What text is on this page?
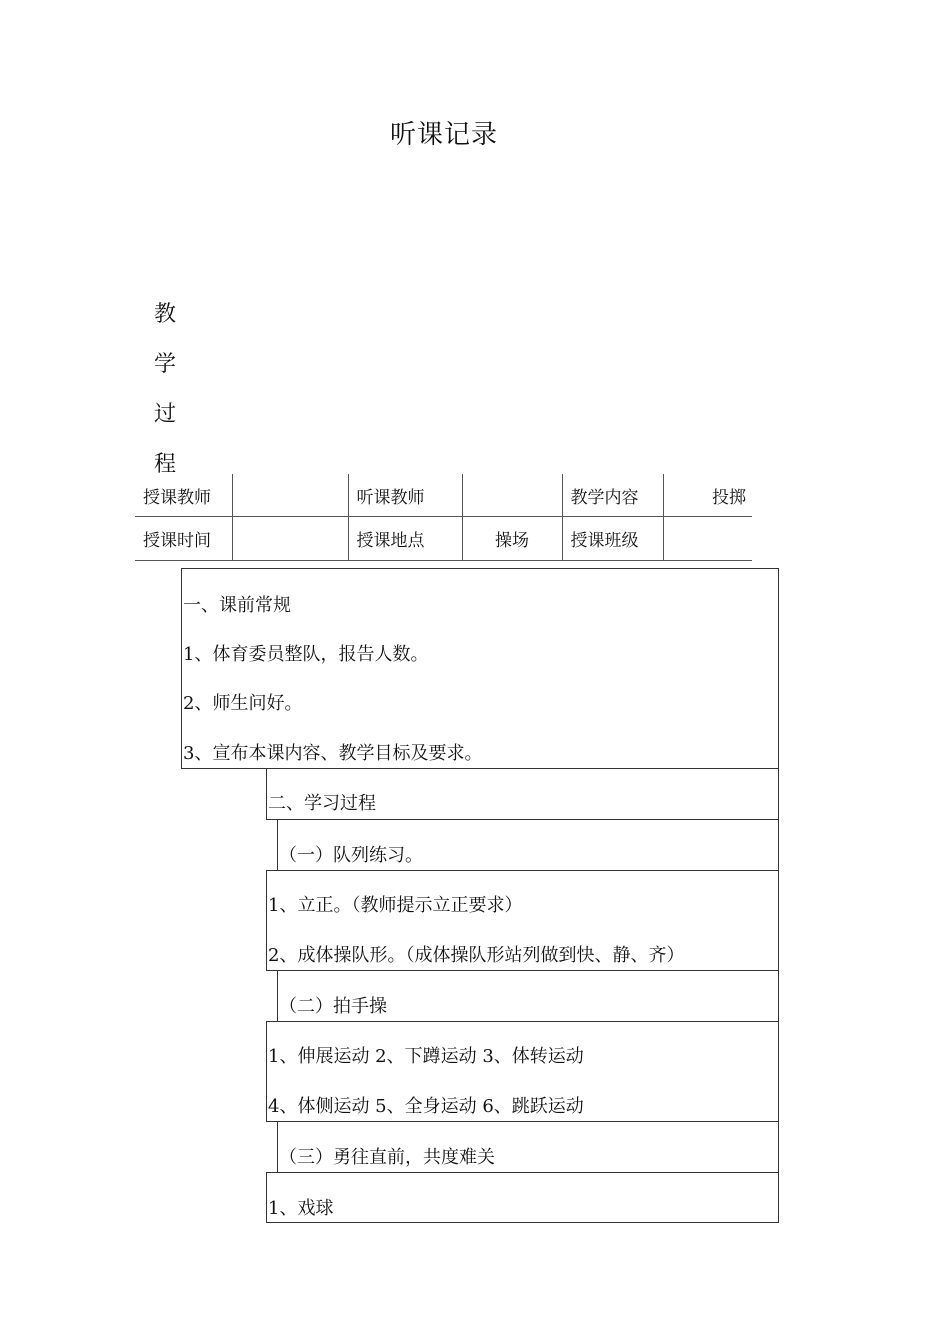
听课记录
教
学
过
程
授课教师		听课教师		教学内容	投掷
授课时间		授课地点	操场	授课班级	
一、课前常规
1、体育委员整队，报告人数。
2、师生问好。
3、宣布本课内容、教学目标及要求。
二、学习过程
（一）队列练习。
1、立正。（教师提示立正要求）
2、成体操队形。（成体操队形站列做到快、静、齐）
（二）拍手操
1、伸展运动 2、下蹲运动 3、体转运动
4、体侧运动 5、全身运动 6、跳跃运动
（三）勇往直前，共度难关
1、戏球
